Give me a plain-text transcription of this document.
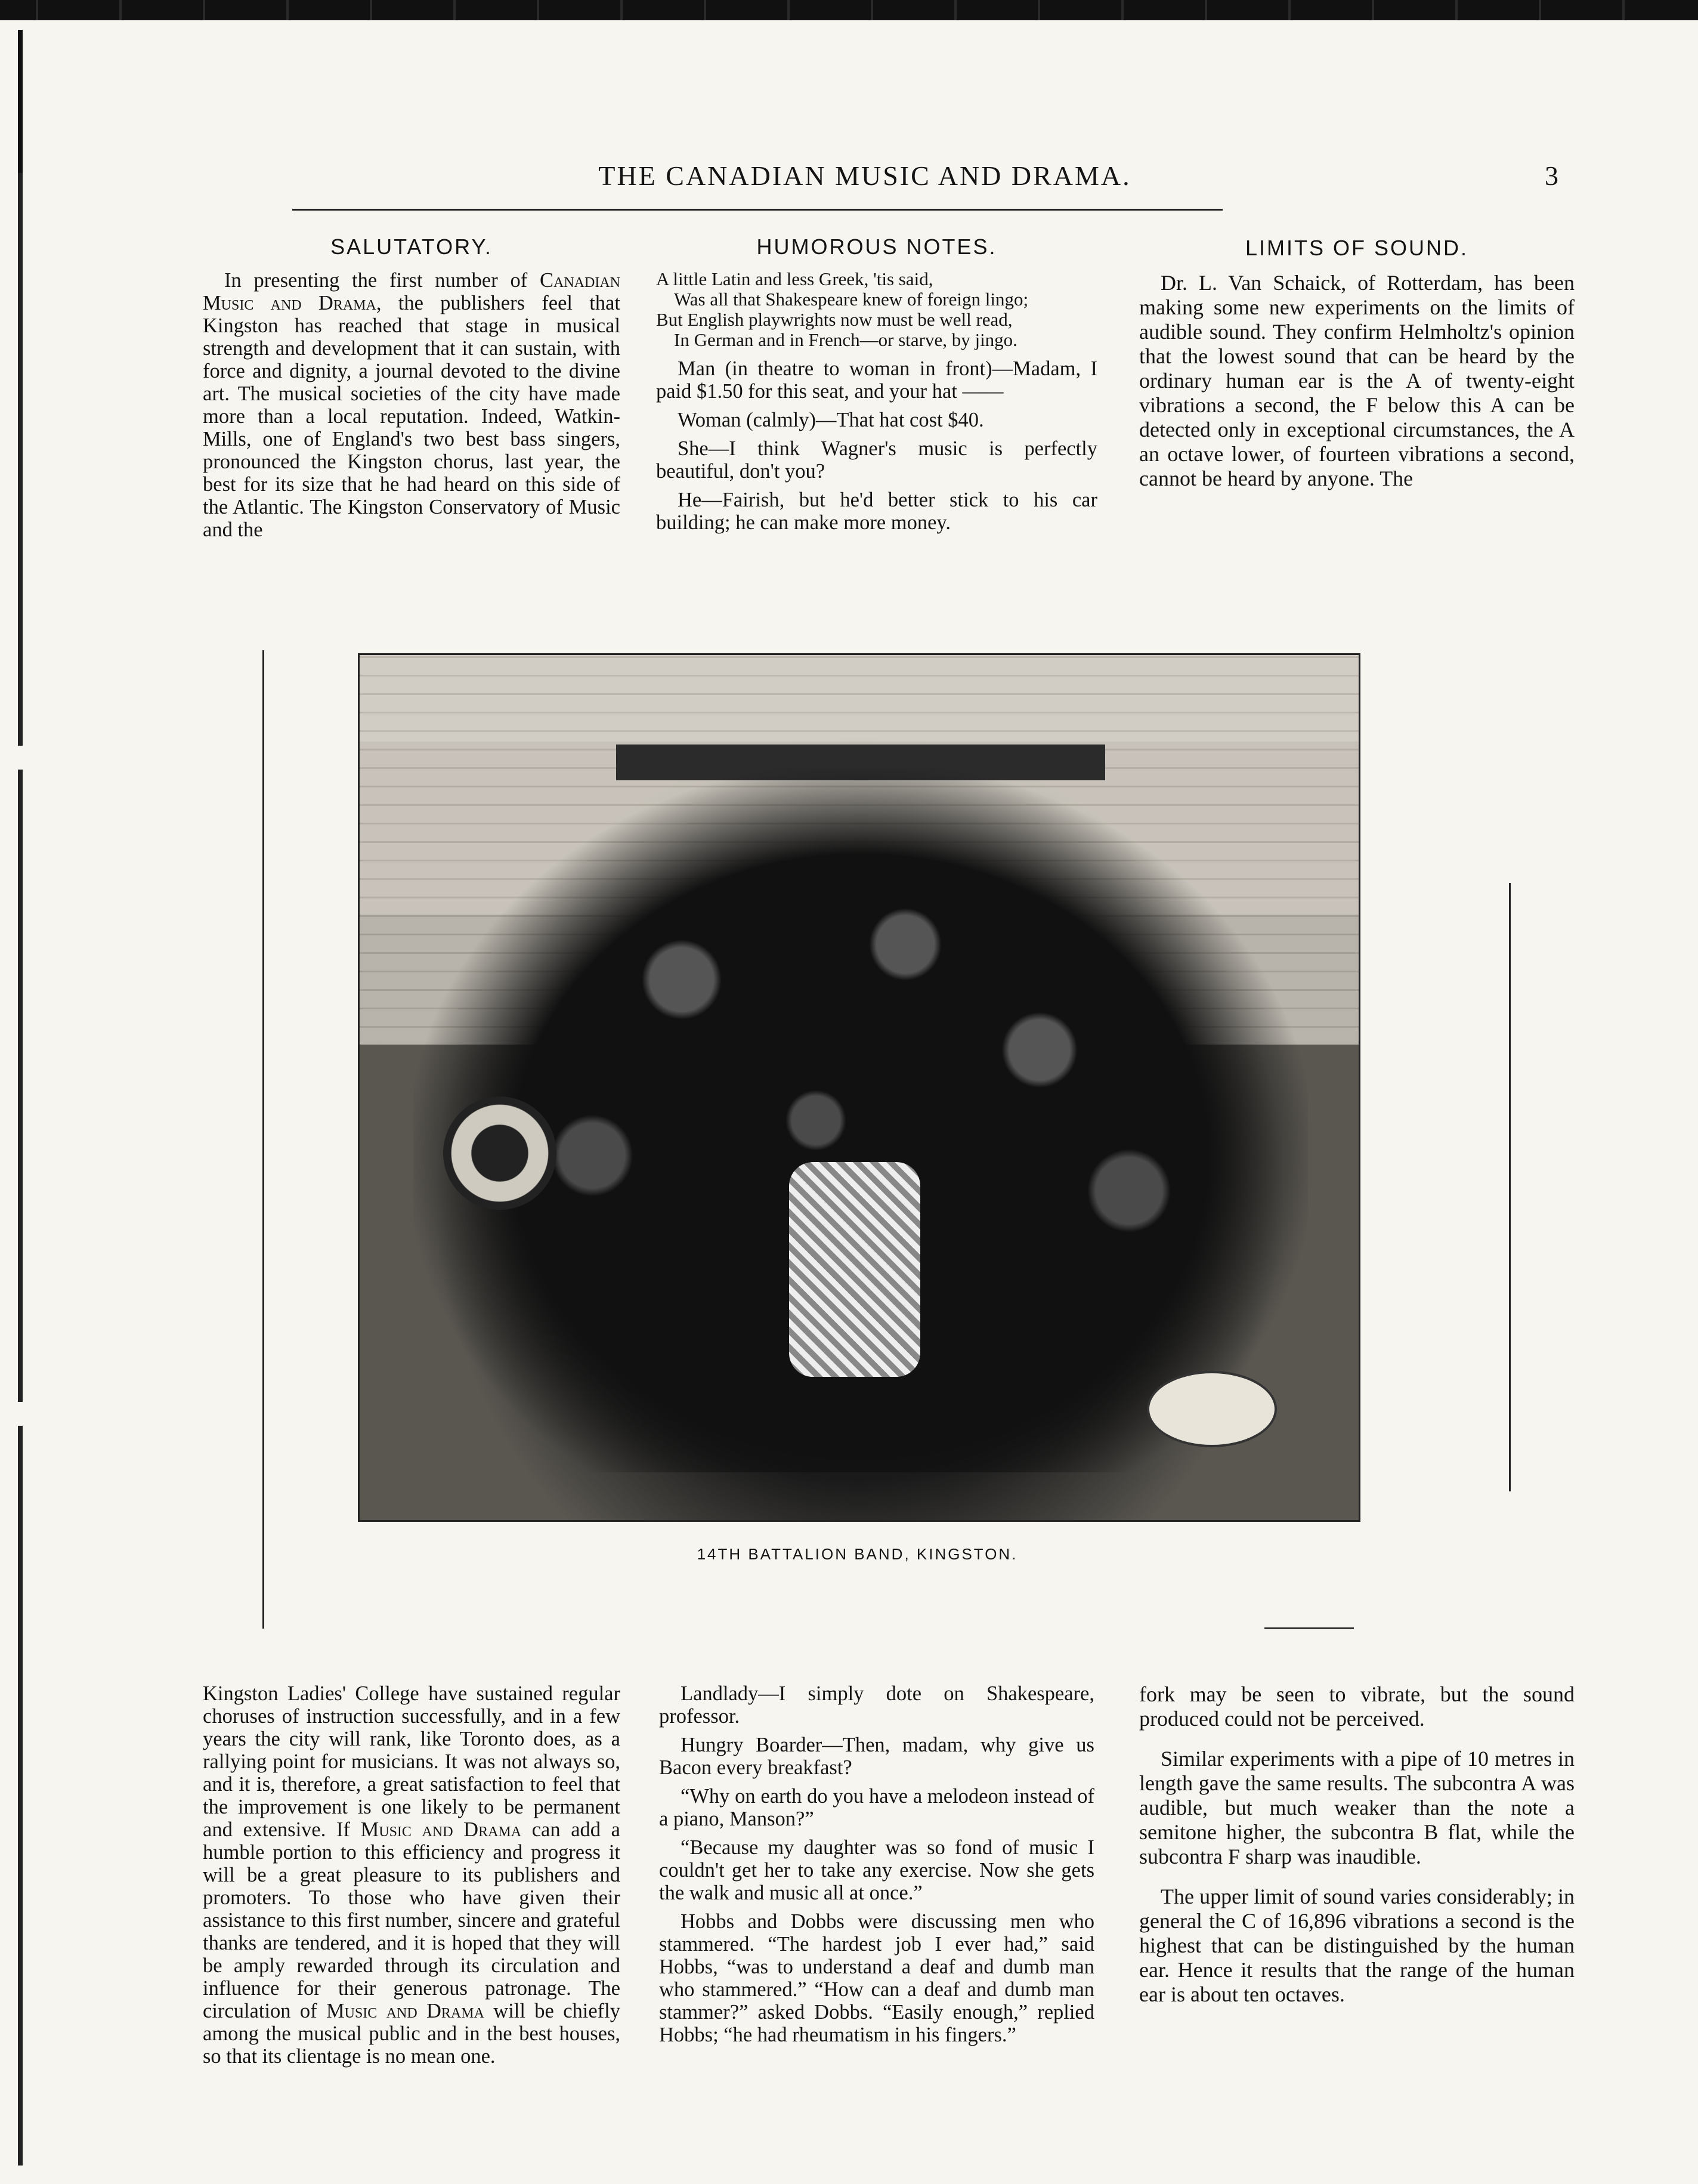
THE CANADIAN MUSIC AND DRAMA.	3
SALUTATORY.

In presenting the first number of Canadian Music and Drama, the publishers feel that Kingston has reached that stage in musical strength and development that it can sustain, with force and dignity, a journal devoted to the divine art. The musical societies of the city have made more than a local reputation. Indeed, Watkin-Mills, one of England's two best bass singers, pronounced the Kingston chorus, last year, the best for its size that he had heard on this side of the Atlantic. The Kingston Conservatory of Music and the

HUMOROUS NOTES.
A little Latin and less Greek, 'tis said,
Was all that Shakespeare knew of foreign lingo;
But English playwrights now must be well read,
In German and in French—or starve, by jingo.

Man (in theatre to woman in front)—Madam, I paid $1.50 for this seat, and your hat ——

Woman (calmly)—That hat cost $40.

She—I think Wagner's music is perfectly beautiful, don't you?

He—Fairish, but he'd better stick to his car building; he can make more money.

LIMITS OF SOUND.

Dr. L. Van Schaick, of Rotterdam, has been making some new experiments on the limits of audible sound. They confirm Helmholtz's opinion that the lowest sound that can be heard by the ordinary human ear is the A of twenty-eight vibrations a second, the F below this A can be detected only in exceptional circumstances, the A an octave lower, of fourteen vibrations a second, cannot be heard by anyone. The

14TH BATTALION BAND, KINGSTON.

Kingston Ladies' College have sustained regular choruses of instruction successfully, and in a few years the city will rank, like Toronto does, as a rallying point for musicians. It was not always so, and it is, therefore, a great satisfaction to feel that the improvement is one likely to be permanent and extensive. If Music and Drama can add a humble portion to this efficiency and progress it will be a great pleasure to its publishers and promoters. To those who have given their assistance to this first number, sincere and grateful thanks are tendered, and it is hoped that they will be amply rewarded through its circulation and influence for their generous patronage. The circulation of Music and Drama will be chiefly among the musical public and in the best houses, so that its clientage is no mean one.

Landlady—I simply dote on Shakespeare, professor.

Hungry Boarder—Then, madam, why give us Bacon every breakfast?

“Why on earth do you have a melodeon instead of a piano, Manson?”

“Because my daughter was so fond of music I couldn't get her to take any exercise. Now she gets the walk and music all at once.”

Hobbs and Dobbs were discussing men who stammered. “The hardest job I ever had,” said Hobbs, “was to understand a deaf and dumb man who stammered.” “How can a deaf and dumb man stammer?” asked Dobbs. “Easily enough,” replied Hobbs; “he had rheumatism in his fingers.”

fork may be seen to vibrate, but the sound produced could not be perceived.

Similar experiments with a pipe of 10 metres in length gave the same results. The subcontra A was audible, but much weaker than the note a semitone higher, the subcontra B flat, while the subcontra F sharp was inaudible.

The upper limit of sound varies considerably; in general the C of 16,896 vibrations a second is the highest that can be distinguished by the human ear. Hence it results that the range of the human ear is about ten octaves.
